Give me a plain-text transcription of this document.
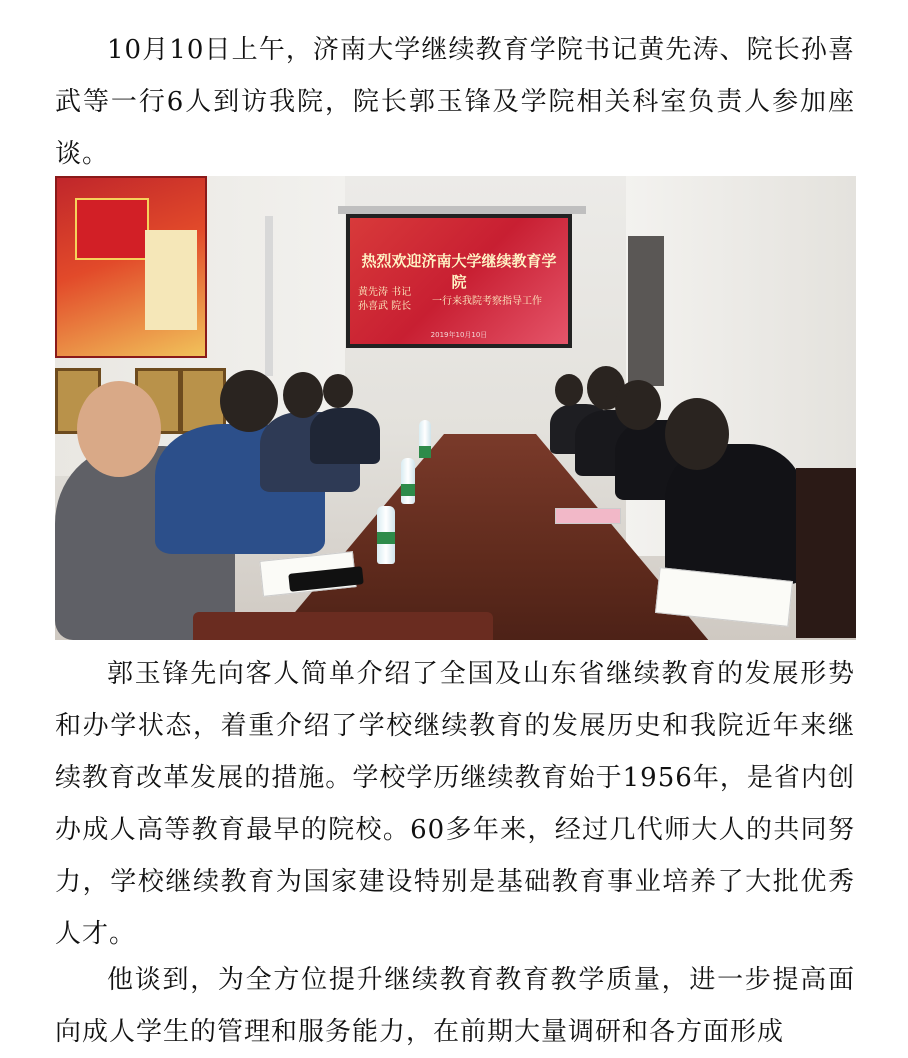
10月10日上午，济南大学继续教育学院书记黄先涛、院长孙喜武等一行6人到访我院，院长郭玉锋及学院相关科室负责人参加座谈。

热烈欢迎济南大学继续教育学院
黄先涛 书记
孙喜武 院长	一行来我院考察指导工作
2019年10月10日

郭玉锋先向客人简单介绍了全国及山东省继续教育的发展形势和办学状态，着重介绍了学校继续教育的发展历史和我院近年来继续教育改革发展的措施。学校学历继续教育始于1956年，是省内创办成人高等教育最早的院校。60多年来，经过几代师大人的共同努力，学校继续教育为国家建设特别是基础教育事业培养了大批优秀人才。

他谈到，为全方位提升继续教育教育教学质量，进一步提高面向成人学生的管理和服务能力，在前期大量调研和各方面形成
